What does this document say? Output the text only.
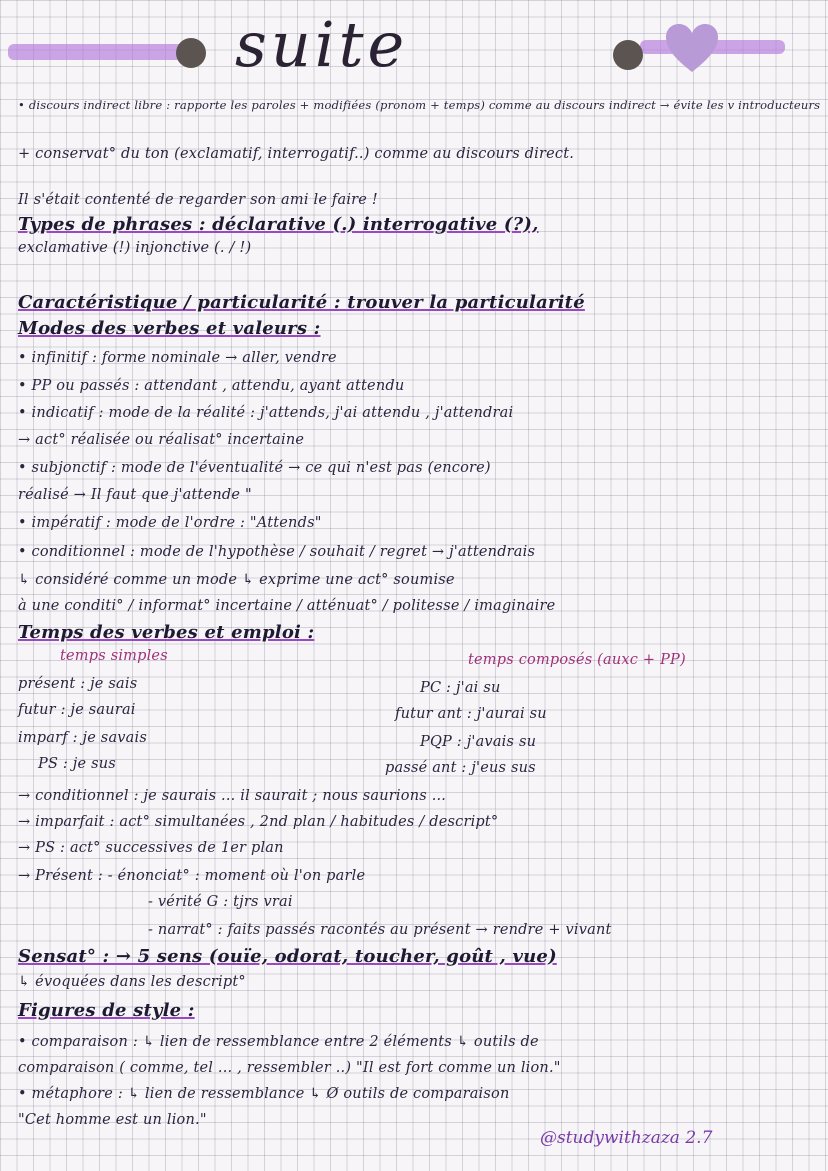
suite
• discours indirect libre : rapporte les paroles + modifiées (pronom + temps) comme au discours indirect → évite les v introducteurs
+ conservat° du ton (exclamatif, interrogatif..) comme au discours direct.
Il s'était contenté de regarder son ami le faire !
Types de phrases : déclarative (.) interrogative (?),
exclamative (!) injonctive (. / !)
Caractéristique / particularité : trouver la particularité
Modes des verbes et valeurs :
• infinitif : forme nominale → aller, vendre
• PP ou passés : attendant , attendu, ayant attendu
• indicatif : mode de la réalité : j'attends, j'ai attendu , j'attendrai
→ act° réalisée ou réalisat° incertaine
• subjonctif : mode de l'éventualité → ce qui n'est pas (encore)
réalisé → Il faut que j'attende "
• impératif : mode de l'ordre : "Attends"
• conditionnel : mode de l'hypothèse / souhait / regret → j'attendrais
↳ considéré comme un mode ↳ exprime une act° soumise
à une conditi° / informat° incertaine / atténuat° / politesse / imaginaire
Temps des verbes et emploi :
temps simples	temps composés (auxc + PP)
présent : je sais	PC : j'ai su
futur : je saurai	futur ant : j'aurai su
imparf : je savais	PQP : j'avais su
PS : je sus	passé ant : j'eus sus
→ conditionnel : je saurais ... il saurait ; nous saurions ...
→ imparfait : act° simultanées , 2nd plan / habitudes / descript°
→ PS : act° successives de 1er plan
→ Présent : - énonciat° : moment où l'on parle
- vérité G : tjrs vrai
- narrat° : faits passés racontés au présent → rendre + vivant
Sensat° : → 5 sens (ouïe, odorat, toucher, goût , vue)
↳ évoquées dans les descript°
Figures de style :
• comparaison : ↳ lien de ressemblance entre 2 éléments ↳ outils de
comparaison ( comme, tel ... , ressembler ..) "Il est fort comme un lion."
• métaphore : ↳ lien de ressemblance ↳ Ø outils de comparaison
"Cet homme est un lion."
@studywithzaza 2.7
